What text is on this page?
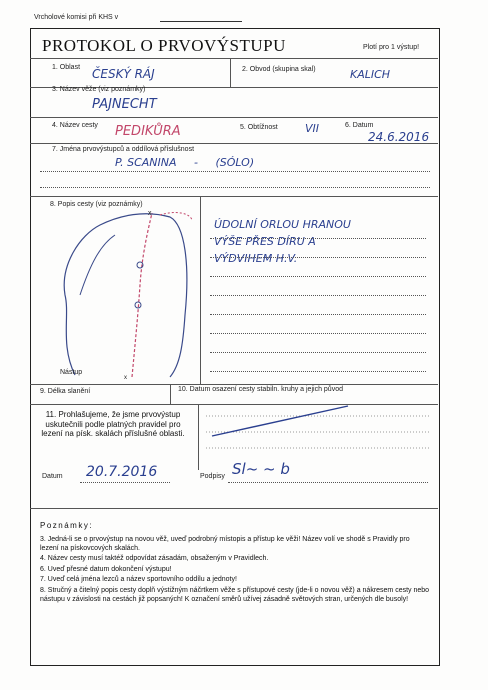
Vrcholové komisi při KHS v
PROTOKOL O PRVOVÝSTUPU	Plotí pro 1 výstup!
1. Oblast ČESKÝ RÁJ	2. Obvod (skupina skal)	KALICH
3. Název věže (viz poznámky)
PAJNECHT
4. Název cesty PEDIKŮRA	5. Obtížnost VII	6. Datum
24.6.2016
7. Jména prvovýstupců a oddílová příslušnost
P. SCANINA     -     (SÓLO)
8. Popis cesty (viz poznámky)
x
x
Nástup
ÚDOLNÍ ORLOU HRANOU
VÝŠE PŘES DÍRU A
VÝDVIHEM H.V.
9. Délka slanění	10. Datum osazení cesty stabiln. kruhy a jejich původ
11. Prohlašujeme, že jsme prvovýstup uskutečnili podle platných pravidel pro lezení na písk. skalách příslušné oblasti.
Datum 20.7.2016	Podpisy Sl~ ~ b
Poznámky:
3. Jedná-li se o prvovýstup na novou věž, uveď podrobný místopis a přístup ke věži! Název volí ve shodě s Pravidly pro lezení na pískovcových skalách.
4. Název cesty musí taktéž odpovídat zásadám, obsaženým v Pravidlech.
6. Uveď přesné datum dokončení výstupu!
7. Uveď celá jména lezců a název sportovního oddílu a jednoty!
8. Stručný a čitelný popis cesty doplň výstižným náčrtkem věže s přístupové cesty (jde-li o novou věž) a nákresem cesty nebo nástupu v závislosti na cestách již popsaných! K označení směrů užívej zásadně světových stran, určených dle busoly!
